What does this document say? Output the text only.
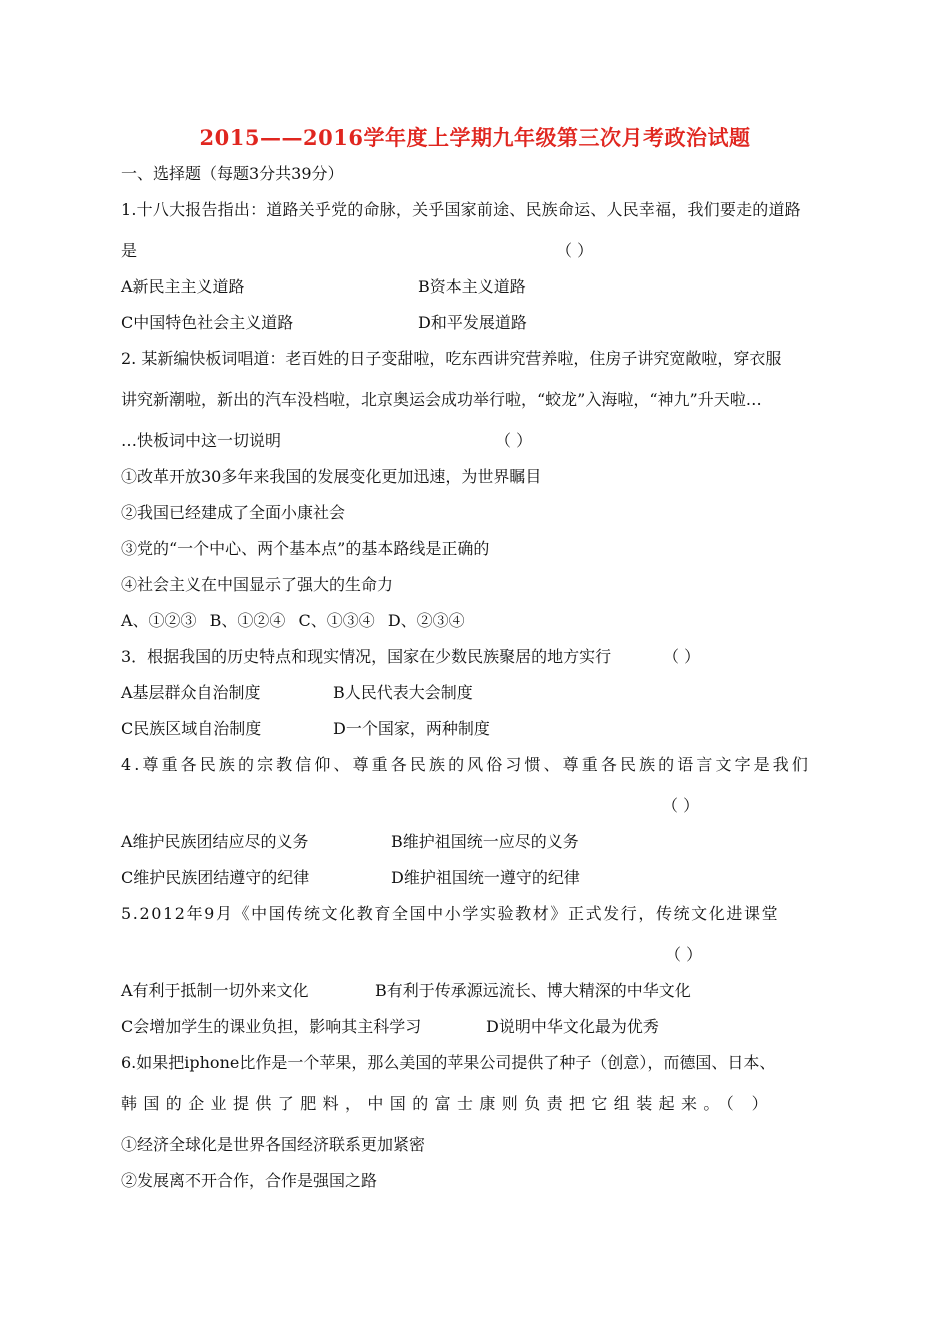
2015——2016学年度上学期九年级第三次月考政治试题
一、选择题（每题3分共39分）
1.十八大报告指出：道路关乎党的命脉，关乎国家前途、民族命运、人民幸福，我们要走的道路
是	（ ）
A新民主主义道路	B资本主义道路
C中国特色社会主义道路	D和平发展道路
2. 某新编快板词唱道：老百姓的日子变甜啦，吃东西讲究营养啦，住房子讲究宽敞啦，穿衣服
讲究新潮啦，新出的汽车没档啦，北京奥运会成功举行啦，“蛟龙”入海啦，“神九”升天啦…
…快板词中这一切说明	（ ）
①改革开放30多年来我国的发展变化更加迅速，为世界瞩目
②我国已经建成了全面小康社会
③党的“一个中心、两个基本点”的基本路线是正确的
④社会主义在中国显示了强大的生命力
A、①②③ B、①②④ C、①③④ D、②③④
3．根据我国的历史特点和现实情况，国家在少数民族聚居的地方实行	（ ）
A基层群众自治制度	B人民代表大会制度
C民族区域自治制度	D一个国家，两种制度
4.尊重各民族的宗教信仰、尊重各民族的风俗习惯、尊重各民族的语言文字是我们
（ ）
A维护民族团结应尽的义务	B维护祖国统一应尽的义务
C维护民族团结遵守的纪律	D维护祖国统一遵守的纪律
5.2012年9月《中国传统文化教育全国中小学实验教材》正式发行，传统文化进课堂
（ ）
A有利于抵制一切外来文化	B有利于传承源远流长、博大精深的中华文化
C会增加学生的课业负担，影响其主科学习	D说明中华文化最为优秀
6.如果把iphone比作是一个苹果，那么美国的苹果公司提供了种子（创意），而德国、日本、
韩国的企业提供了肥料，中国的富士康则负责把它组装起来。（ ）
①经济全球化是世界各国经济联系更加紧密
②发展离不开合作，合作是强国之路
